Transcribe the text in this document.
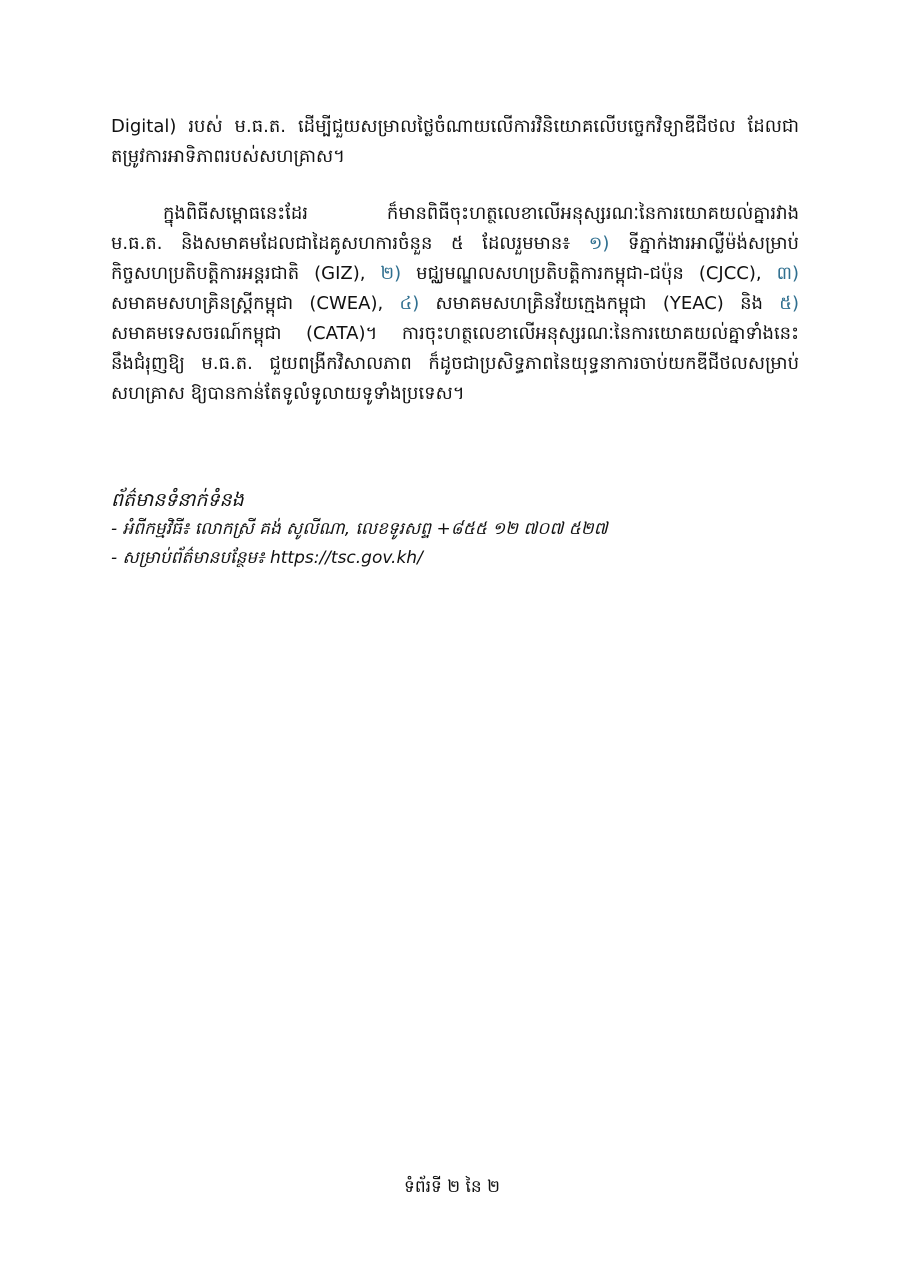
Digital) របស់ ម.ធ.ត. ដើម្បីជួយសម្រាលថ្លៃចំណាយលើការវិនិយោគលើបច្ចេកវិទ្យាឌីជីថល ដែលជា
តម្រូវការអាទិភាពរបស់សហគ្រាស។
ក្នុងពិធីសម្ពោធនេះដែរ ក៏មានពិធីចុះហត្ថលេខាលើអនុស្សរណៈនៃការយោគយល់គ្នារវាង
ម.ធ.ត. និងសមាគមដែលជាដៃគូសហការចំនួន ៥ ដែលរួមមាន៖ ១) ទីភ្នាក់ងារអាល្លឺម៉ង់សម្រាប់
កិច្ចសហប្រតិបត្តិការអន្តរជាតិ (GIZ), ២) មជ្ឈមណ្ឌលសហប្រតិបត្តិការកម្ពុជា-ជប៉ុន (CJCC), ៣)
សមាគមសហគ្រិនស្ត្រីកម្ពុជា (CWEA), ៤) សមាគមសហគ្រិនវ័យក្មេងកម្ពុជា (YEAC) និង ៥)
សមាគមទេសចរណ៍កម្ពុជា (CATA)។ ការចុះហត្ថលេខាលើអនុស្សរណៈនៃការយោគយល់គ្នាទាំងនេះ
នឹងជំរុញឱ្យ ម.ធ.ត. ជួយពង្រីកវិសាលភាព ក៏ដូចជាប្រសិទ្ធភាពនៃយុទ្ធនាការចាប់យកឌីជីថលសម្រាប់
សហគ្រាស ឱ្យបានកាន់តែទូលំទូលាយទូទាំងប្រទេស។
ព័ត៌មានទំនាក់ទំនង
- អំពីកម្មវិធី៖ លោកស្រី គង់ សូលីណា, លេខទូរសព្ទ +៨៥៥ ១២ ៧០៧ ៥២៧
- សម្រាប់ព័ត៌មានបន្ថែម៖ https://tsc.gov.kh/
ទំព័រទី ២ នៃ ២
